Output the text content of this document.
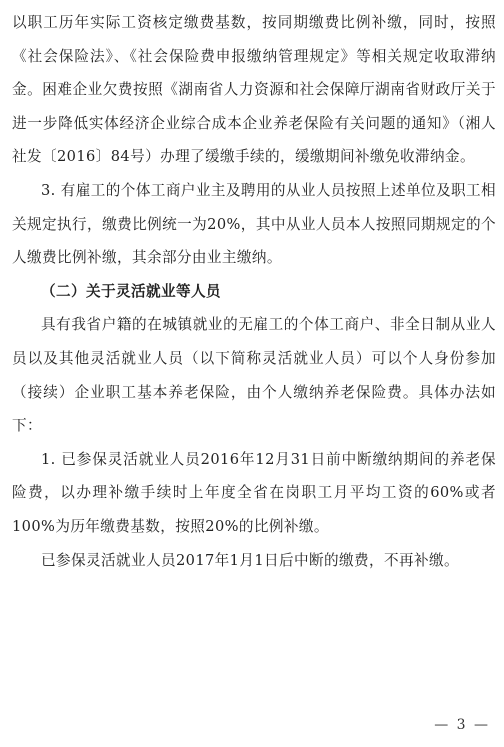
以职工历年实际工资核定缴费基数，按同期缴费比例补缴，同时，按照《社会保险法》、《社会保险费申报缴纳管理规定》等相关规定收取滞纳金。困难企业欠费按照《湖南省人力资源和社会保障厅湖南省财政厅关于进一步降低实体经济企业综合成本企业养老保险有关问题的通知》（湘人社发〔2016〕84号）办理了缓缴手续的，缓缴期间补缴免收滞纳金。

3. 有雇工的个体工商户业主及聘用的从业人员按照上述单位及职工相关规定执行，缴费比例统一为20%，其中从业人员本人按照同期规定的个人缴费比例补缴，其余部分由业主缴纳。

（二）关于灵活就业等人员

具有我省户籍的在城镇就业的无雇工的个体工商户、非全日制从业人员以及其他灵活就业人员（以下简称灵活就业人员）可以个人身份参加（接续）企业职工基本养老保险，由个人缴纳养老保险费。具体办法如下：

1. 已参保灵活就业人员2016年12月31日前中断缴纳期间的养老保险费，以办理补缴手续时上年度全省在岗职工月平均工资的60%或者100%为历年缴费基数，按照20%的比例补缴。

已参保灵活就业人员2017年1月1日后中断的缴费，不再补缴。

— 3 —
